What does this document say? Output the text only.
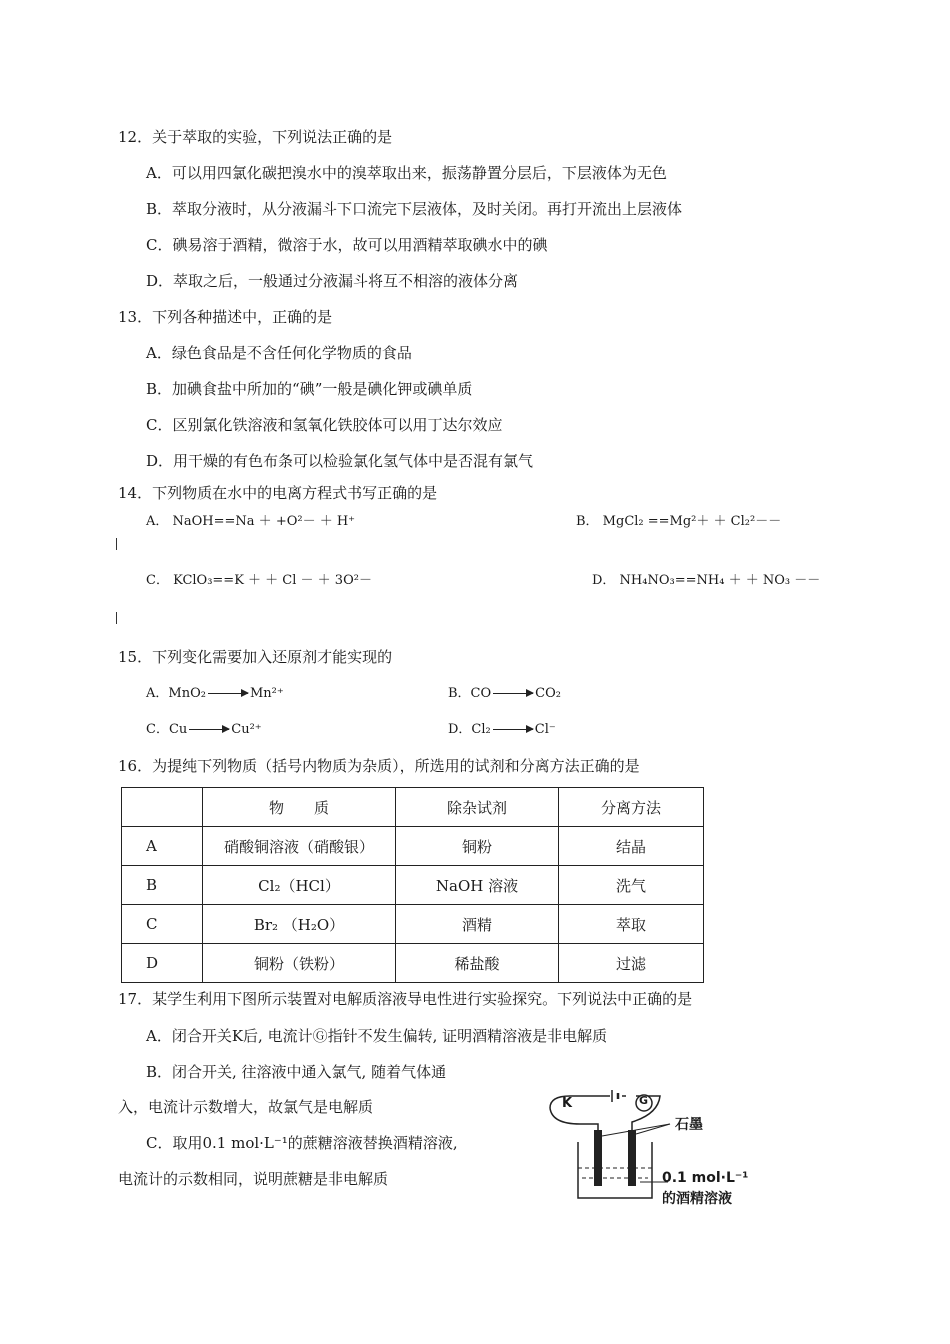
12．关于萃取的实验，下列说法正确的是
A．可以用四氯化碳把溴水中的溴萃取出来，振荡静置分层后，下层液体为无色
B．萃取分液时，从分液漏斗下口流完下层液体，及时关闭。再打开流出上层液体
C．碘易溶于酒精，微溶于水，故可以用酒精萃取碘水中的碘
D．萃取之后，一般通过分液漏斗将互不相溶的液体分离
13．下列各种描述中，正确的是
A．绿色食品是不含任何化学物质的食品
B．加碘食盐中所加的“碘”一般是碘化钾或碘单质
C．区别氯化铁溶液和氢氧化铁胶体可以用丁达尔效应
D．用干燥的有色布条可以检验氯化氢气体中是否混有氯气
14．下列物质在水中的电离方程式书写正确的是
A． NaOH==Na ＋ +O²－ ＋ H⁺	B． MgCl₂ ==Mg²＋ ＋ Cl₂²－－
C． KClO₃==K ＋ ＋ Cl － ＋ 3O²－	D． NH₄NO₃==NH₄ ＋ ＋ NO₃ －－
15．下列变化需要加入还原剂才能实现的
A．MnO₂ → Mn²⁺	B．CO → CO₂
C．Cu → Cu²⁺	D．Cl₂ → Cl⁻
16．为提纯下列物质（括号内物质为杂质），所选用的试剂和分离方法正确的是
	物　　质	除杂试剂	分离方法
A	硝酸铜溶液（硝酸银）	铜粉	结晶
B	Cl₂（HCl）	NaOH 溶液	洗气
C	Br₂ （H₂O）	酒精	萃取
D	铜粉（铁粉）	稀盐酸	过滤
17．某学生利用下图所示装置对电解质溶液导电性进行实验探究。下列说法中正确的是
A．闭合开关K后, 电流计Ⓖ指针不发生偏转, 证明酒精溶液是非电解质
B．闭合开关, 往溶液中通入氯气, 随着气体通
入，电流计示数增大，故氯气是电解质
C．取用0.1 mol·L⁻¹的蔗糖溶液替换酒精溶液,
电流计的示数相同，说明蔗糖是非电解质
K	G
石墨
0.1 mol·L⁻¹
的酒精溶液
